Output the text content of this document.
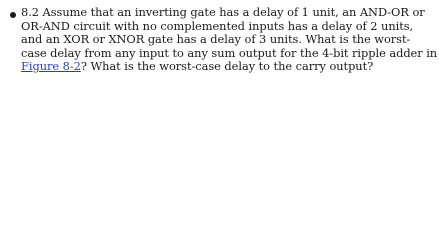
8.2 Assume that an inverting gate has a delay of 1 unit, an AND-OR or
OR-AND circuit with no complemented inputs has a delay of 2 units,
and an XOR or XNOR gate has a delay of 3 units. What is the worst-
case delay from any input to any sum output for the 4-bit ripple adder in
Figure 8-2? What is the worst-case delay to the carry output?
